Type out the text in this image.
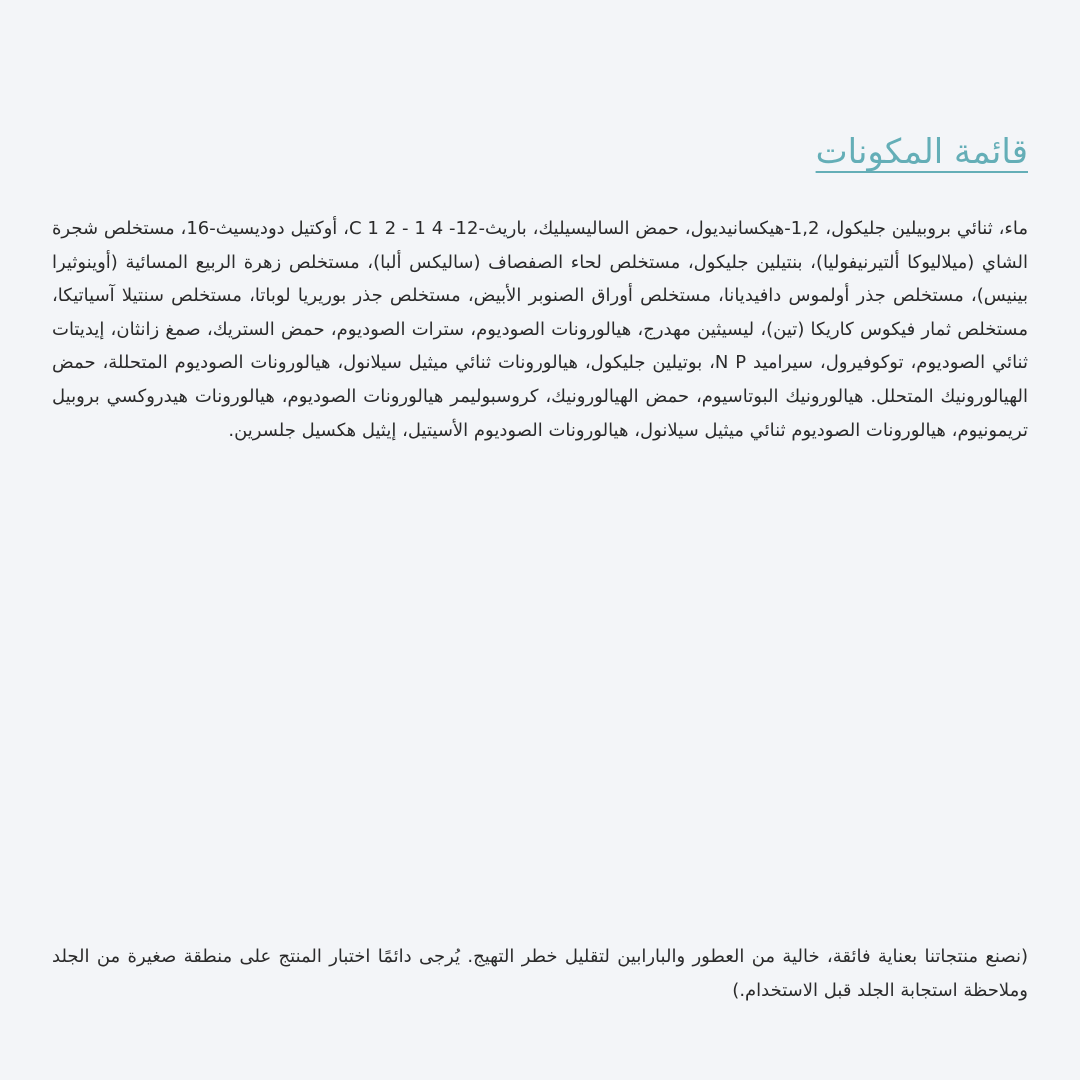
قائمة المكونات

ماء، ثنائي بروبيلين جليكول، 1,2-هيكسانيديول، حمض الساليسيليك، باريث-12- 4 1 - 2 1 C، أوكتيل دوديسيث-16، مستخلص شجرة الشاي (ميلاليوكا ألتيرنيفوليا)، بنتيلين جليكول، مستخلص لحاء الصفصاف (ساليكس ألبا)، مستخلص زهرة الربيع المسائية (أوينوثيرا بينيس)، مستخلص جذر أولموس دافيديانا، مستخلص أوراق الصنوبر الأبيض، مستخلص جذر بوريريا لوباتا، مستخلص سنتيلا آسياتيكا، مستخلص ثمار فيكوس كاريكا (تين)، ليسيثين مهدرج، هيالورونات الصوديوم، سترات الصوديوم، حمض الستريك، صمغ زانثان، إيديتات ثنائي الصوديوم، توكوفيرول، سيراميد N P، بوتيلين جليكول، هيالورونات ثنائي ميثيل سيلانول، هيالورونات الصوديوم المتحللة، حمض الهيالورونيك المتحلل. هيالورونيك البوتاسيوم، حمض الهيالورونيك، كروسبوليمر هيالورونات الصوديوم، هيالورونات هيدروكسي بروبيل تريمونيوم، هيالورونات الصوديوم ثنائي ميثيل سيلانول، هيالورونات الصوديوم الأسيتيل، إيثيل هكسيل جلسرين.

(نصنع منتجاتنا بعناية فائقة، خالية من العطور والبارابين لتقليل خطر التهيج. يُرجى دائمًا اختبار المنتج على منطقة صغيرة من الجلد وملاحظة استجابة الجلد قبل الاستخدام.)
